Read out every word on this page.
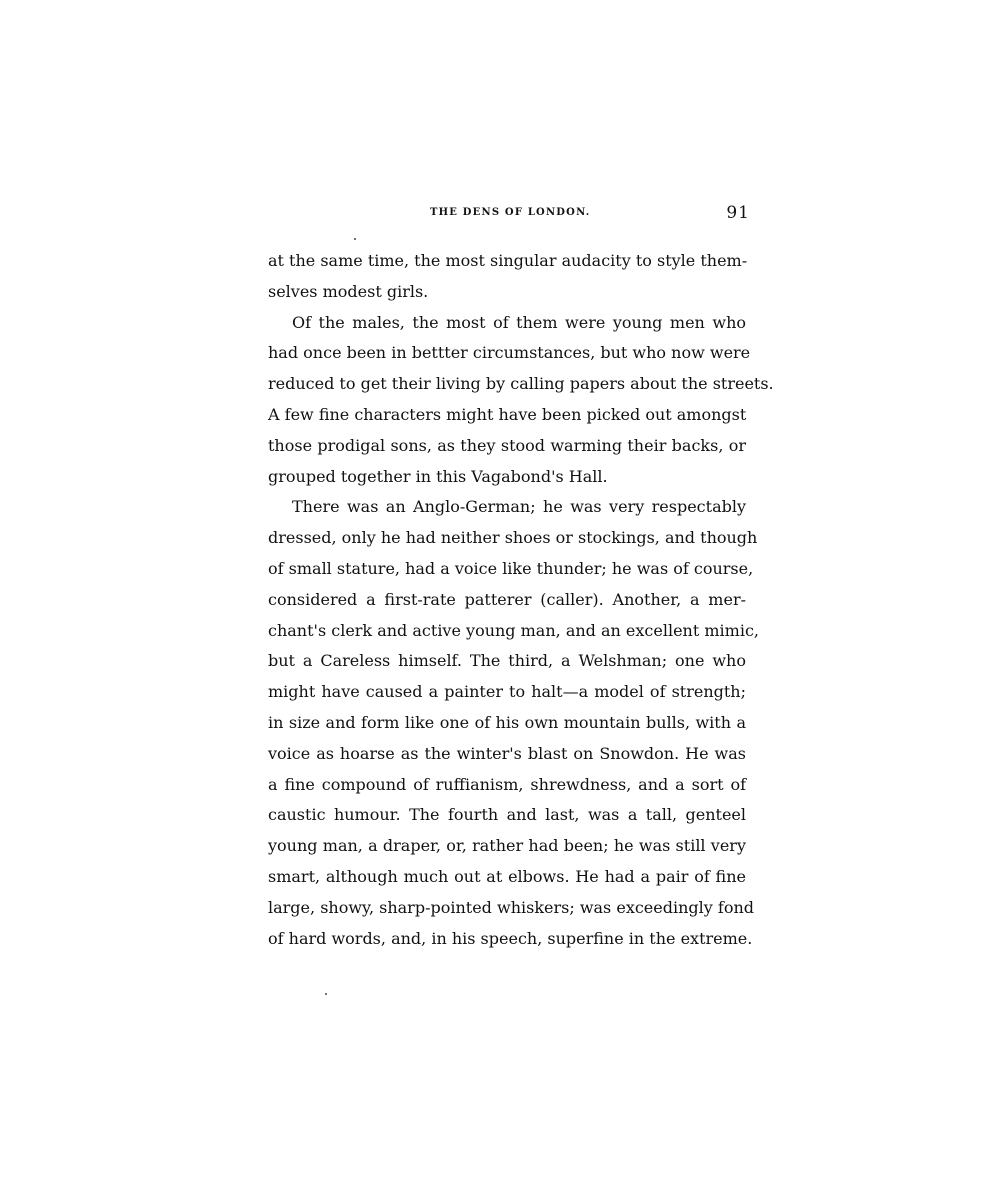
THE DENS OF LONDON.	91
at the same time, the most singular audacity to style them-
selves modest girls.
Of the males, the most of them were young men who
had once been in bettter circumstances, but who now were
reduced to get their living by calling papers about the streets.
A few fine characters might have been picked out amongst
those prodigal sons, as they stood warming their backs, or
grouped together in this Vagabond's Hall.
There was an Anglo-German; he was very respectably
dressed, only he had neither shoes or stockings, and though
of small stature, had a voice like thunder; he was of course,
considered a first-rate patterer (caller). Another, a mer-
chant's clerk and active young man, and an excellent mimic,
but a Careless himself. The third, a Welshman; one who
might have caused a painter to halt—a model of strength;
in size and form like one of his own mountain bulls, with a
voice as hoarse as the winter's blast on Snowdon. He was
a fine compound of ruffianism, shrewdness, and a sort of
caustic humour. The fourth and last, was a tall, genteel
young man, a draper, or, rather had been; he was still very
smart, although much out at elbows. He had a pair of fine
large, showy, sharp-pointed whiskers; was exceedingly fond
of hard words, and, in his speech, superfine in the extreme.
